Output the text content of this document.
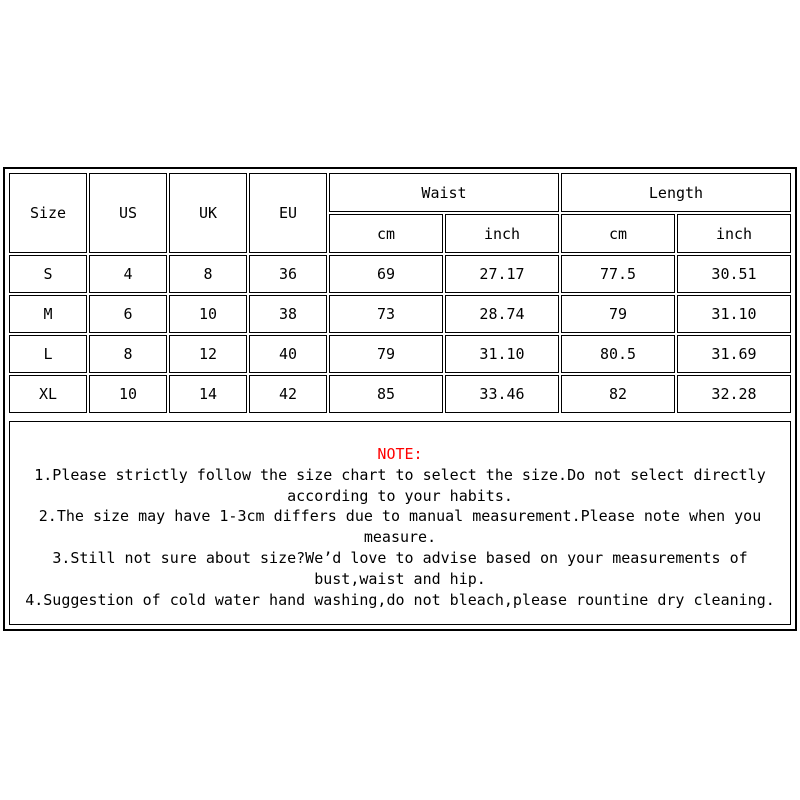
Size	US	UK	EU	Waist		Length	
				cm	inch	cm	inch
S	4	8	36	69	27.17	77.5	30.51
M	6	10	38	73	28.74	79	31.10
L	8	12	40	79	31.10	80.5	31.69
XL	10	14	42	85	33.46	82	32.28
NOTE:
1.Please strictly follow the size chart to select the size.Do not select directly
according to your habits.
2.The size may have 1-3cm differs due to manual measurement.Please note when you
measure.
3.Still not sure about size?We’d love to advise based on your measurements of
bust,waist and hip.
4.Suggestion of cold water hand washing,do not bleach,please rountine dry cleaning.
